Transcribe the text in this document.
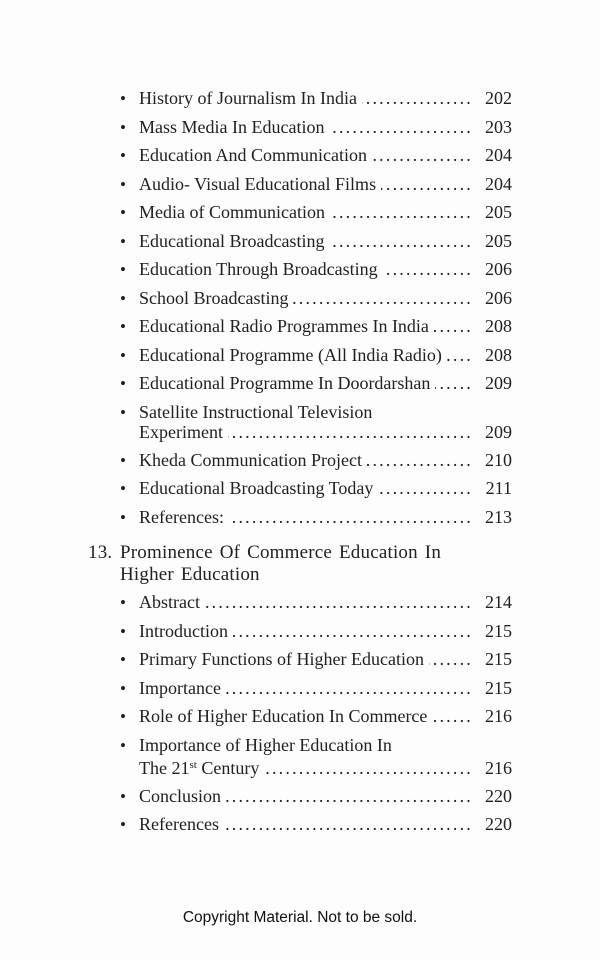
• History of Journalism In India .....	202
• Mass Media In Education .....	203
• Education And Communication .....	204
• Audio- Visual Educational Films .....	204
• Media of Communication .....	205
• Educational Broadcasting .....	205
• Education Through Broadcasting .....	206
• School Broadcasting .....	206
• Educational Radio Programmes In India .....	208
• Educational Programme (All India Radio) .....	208
• Educational Programme In Doordarshan .....	209
• Satellite Instructional Television
Experiment .....	209
• Kheda Communication Project .....	210
• Educational Broadcasting Today .....	211
• References: .....	213
13. Prominence Of Commerce Education In
Higher Education
• Abstract .....	214
• Introduction .....	215
• Primary Functions of Higher Education .....	215
• Importance .....	215
• Role of Higher Education In Commerce .....	216
• Importance of Higher Education In
The 21st Century .....	216
• Conclusion .....	220
• References .....	220
Copyright Material. Not to be sold.
